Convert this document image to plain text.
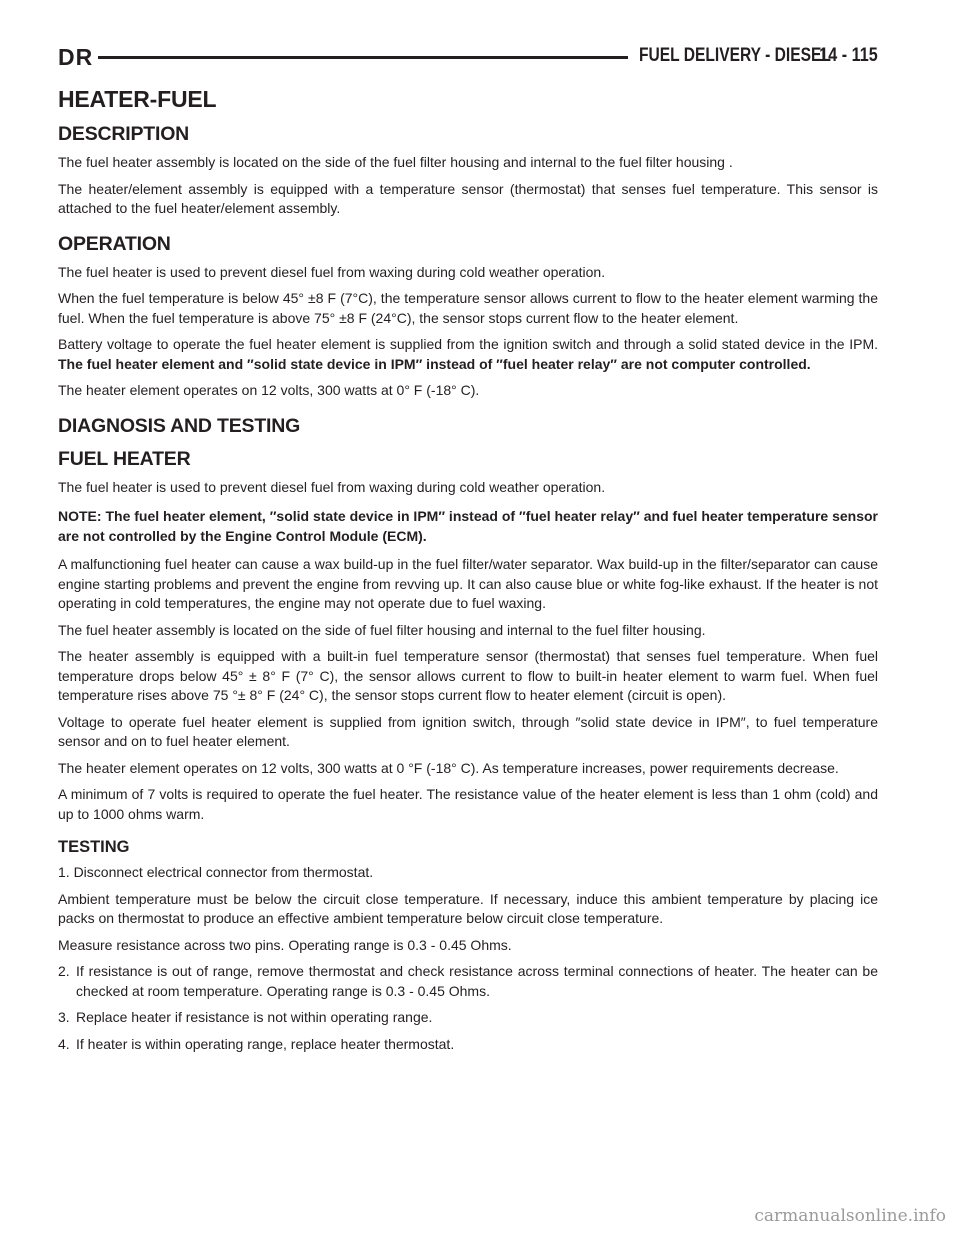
DR	FUEL DELIVERY - DIESEL
14 - 115
HEATER-FUEL
DESCRIPTION

The fuel heater assembly is located on the side of the fuel filter housing and internal to the fuel filter housing .

The heater/element assembly is equipped with a temperature sensor (thermostat) that senses fuel temperature. This sensor is attached to the fuel heater/element assembly.

OPERATION

The fuel heater is used to prevent diesel fuel from waxing during cold weather operation.

When the fuel temperature is below 45° ±8 F (7°C), the temperature sensor allows current to flow to the heater element warming the fuel. When the fuel temperature is above 75° ±8 F (24°C), the sensor stops current flow to the heater element.

Battery voltage to operate the fuel heater element is supplied from the ignition switch and through a solid stated device in the IPM. The fuel heater element and ″solid state device in IPM″ instead of ″fuel heater relay″ are not computer controlled.

The heater element operates on 12 volts, 300 watts at 0° F (-18° C).

DIAGNOSIS AND TESTING
FUEL HEATER

The fuel heater is used to prevent diesel fuel from waxing during cold weather operation.

NOTE: The fuel heater element, ″solid state device in IPM″ instead of ″fuel heater relay″ and fuel heater temperature sensor are not controlled by the Engine Control Module (ECM).

A malfunctioning fuel heater can cause a wax build-up in the fuel filter/water separator. Wax build-up in the filter/separator can cause engine starting problems and prevent the engine from revving up. It can also cause blue or white fog-like exhaust. If the heater is not operating in cold temperatures, the engine may not operate due to fuel waxing.

The fuel heater assembly is located on the side of fuel filter housing and internal to the fuel filter housing.

The heater assembly is equipped with a built-in fuel temperature sensor (thermostat) that senses fuel temperature. When fuel temperature drops below 45° ± 8° F (7° C), the sensor allows current to flow to built-in heater element to warm fuel. When fuel temperature rises above 75 °± 8° F (24° C), the sensor stops current flow to heater element (circuit is open).

Voltage to operate fuel heater element is supplied from ignition switch, through ″solid state device in IPM″, to fuel temperature sensor and on to fuel heater element.

The heater element operates on 12 volts, 300 watts at 0 °F (-18° C). As temperature increases, power requirements decrease.

A minimum of 7 volts is required to operate the fuel heater. The resistance value of the heater element is less than 1 ohm (cold) and up to 1000 ohms warm.

TESTING

1. Disconnect electrical connector from thermostat.

Ambient temperature must be below the circuit close temperature. If necessary, induce this ambient temperature by placing ice packs on thermostat to produce an effective ambient temperature below circuit close temperature.

Measure resistance across two pins. Operating range is 0.3 - 0.45 Ohms.

2. If resistance is out of range, remove thermostat and check resistance across terminal connections of heater. The heater can be checked at room temperature. Operating range is 0.3 - 0.45 Ohms.
3. Replace heater if resistance is not within operating range.
4. If heater is within operating range, replace heater thermostat.
carmanualsonline.info
